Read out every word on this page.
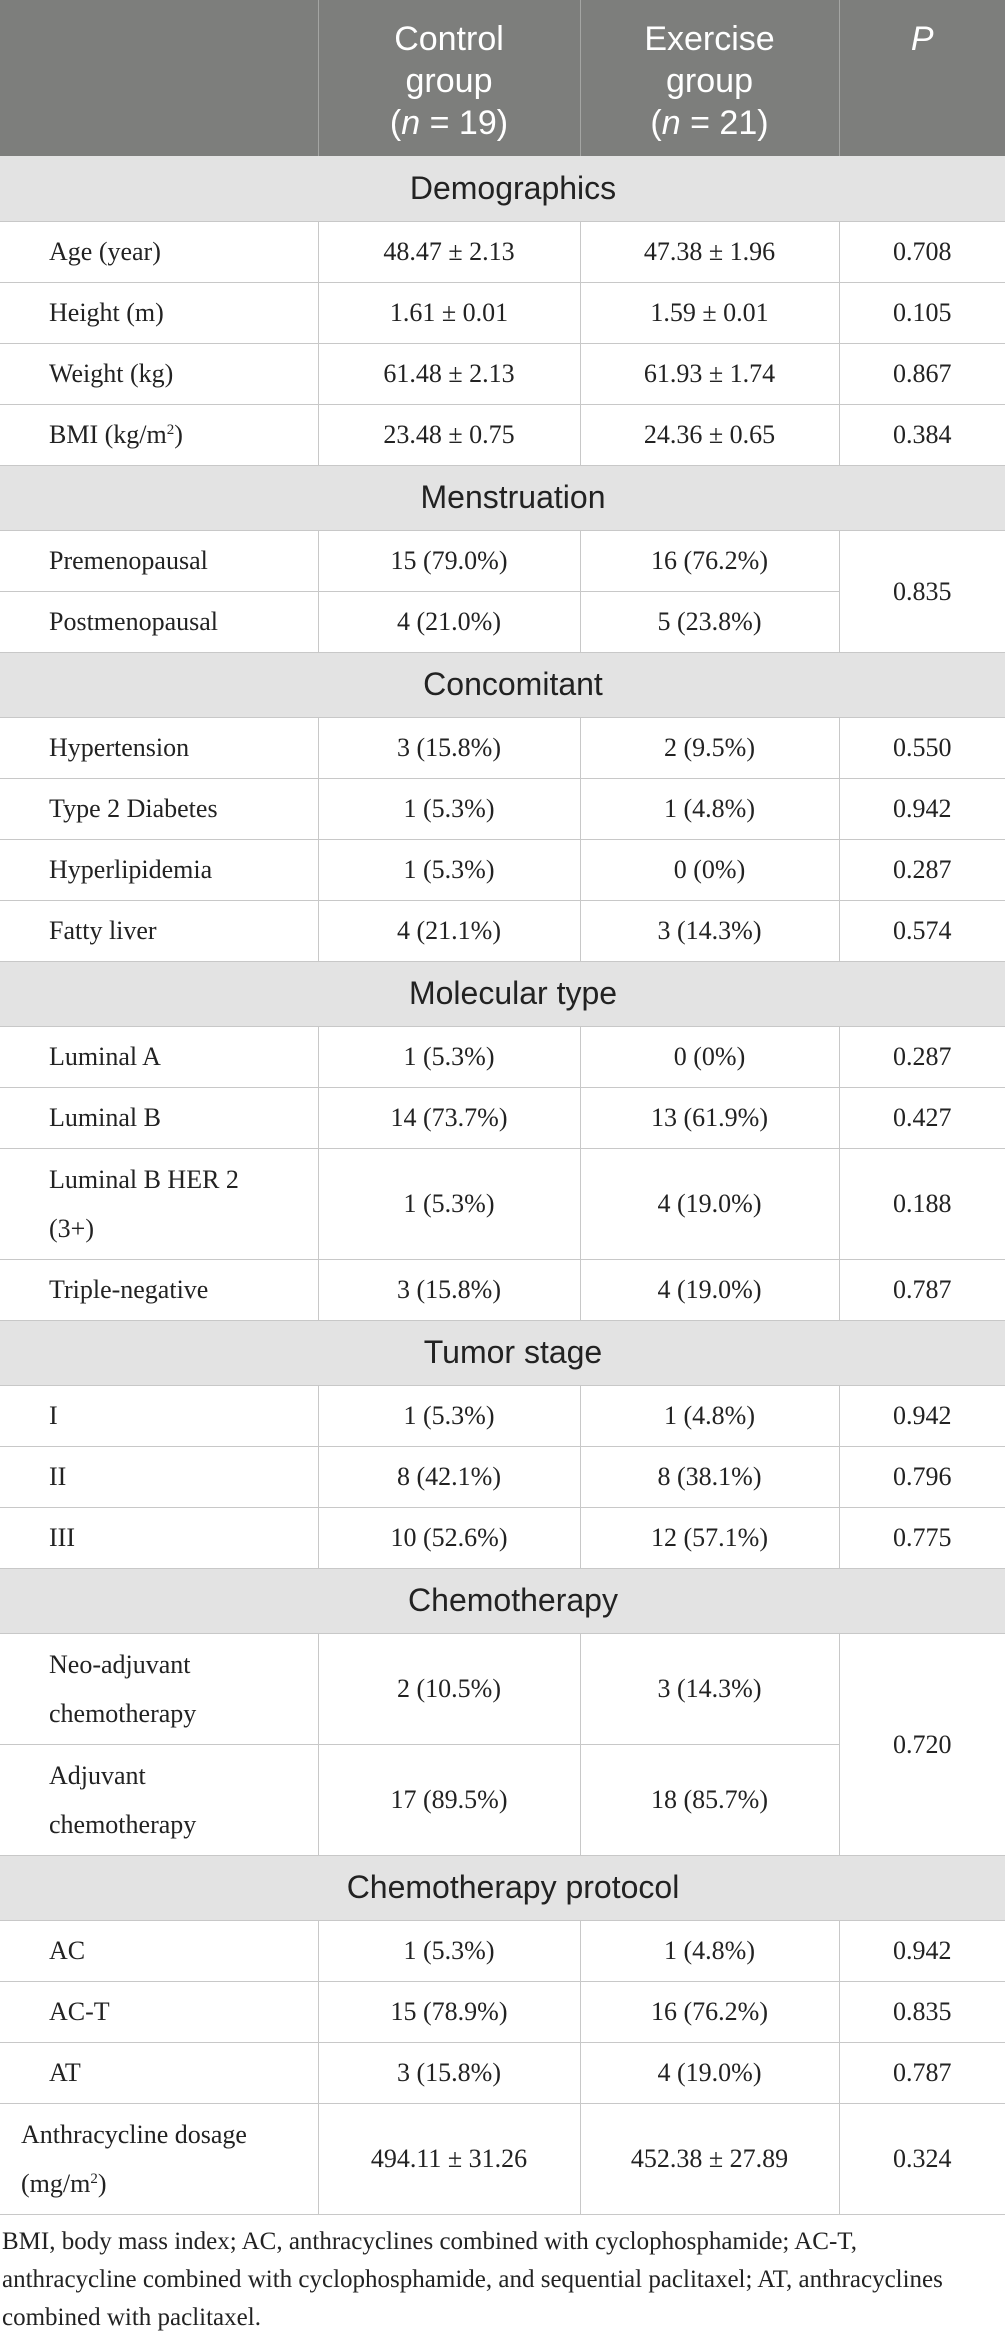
	Control
group
(n = 19)	Exercise
group
(n = 21)	P
Demographics			
Age (year)	48.47 ± 2.13	47.38 ± 1.96	0.708
Height (m)	1.61 ± 0.01	1.59 ± 0.01	0.105
Weight (kg)	61.48 ± 2.13	61.93 ± 1.74	0.867
BMI $(kg/m^2)$	23.48 ± 0.75	24.36 ± 0.65	0.384
Menstruation			
Premenopausal	15 (79.0%)	16 (76.2%)	0.835
Postmenopausal	4 (21.0%)	5 (23.8%)	
Concomitant			
Hypertension	3 (15.8%)	2 (9.5%)	0.550
Type 2 Diabetes	1 (5.3%)	1 (4.8%)	0.942
Hyperlipidemia	1 (5.3%)	0 (0%)	0.287
Fatty liver	4 (21.1%)	3 (14.3%)	0.574
Molecular type			
Luminal A	1 (5.3%)	0 (0%)	0.287
Luminal B	14 (73.7%)	13 (61.9%)	0.427
Luminal B HER 2
(3+)	1 (5.3%)	4 (19.0%)	0.188
Triple-negative	3 (15.8%)	4 (19.0%)	0.787
Tumor stage			
I	1 (5.3%)	1 (4.8%)	0.942
II	8 (42.1%)	8 (38.1%)	0.796
III	10 (52.6%)	12 (57.1%)	0.775
Chemotherapy			
Neo-adjuvant
chemotherapy	2 (10.5%)	3 (14.3%)	0.720
Adjuvant
chemotherapy	17 (89.5%)	18 (85.7%)	
Chemotherapy protocol			
AC	1 (5.3%)	1 (4.8%)	0.942
AC-T	15 (78.9%)	16 (76.2%)	0.835
AT	3 (15.8%)	4 (19.0%)	0.787
Anthracycline dosage
$(mg/m^2)$	494.11 ± 31.26	452.38 ± 27.89	0.324

BMI, body mass index; AC, anthracyclines combined with cyclophosphamide; AC-T, anthracycline combined with cyclophosphamide, and sequential paclitaxel; AT, anthracyclines combined with paclitaxel.
